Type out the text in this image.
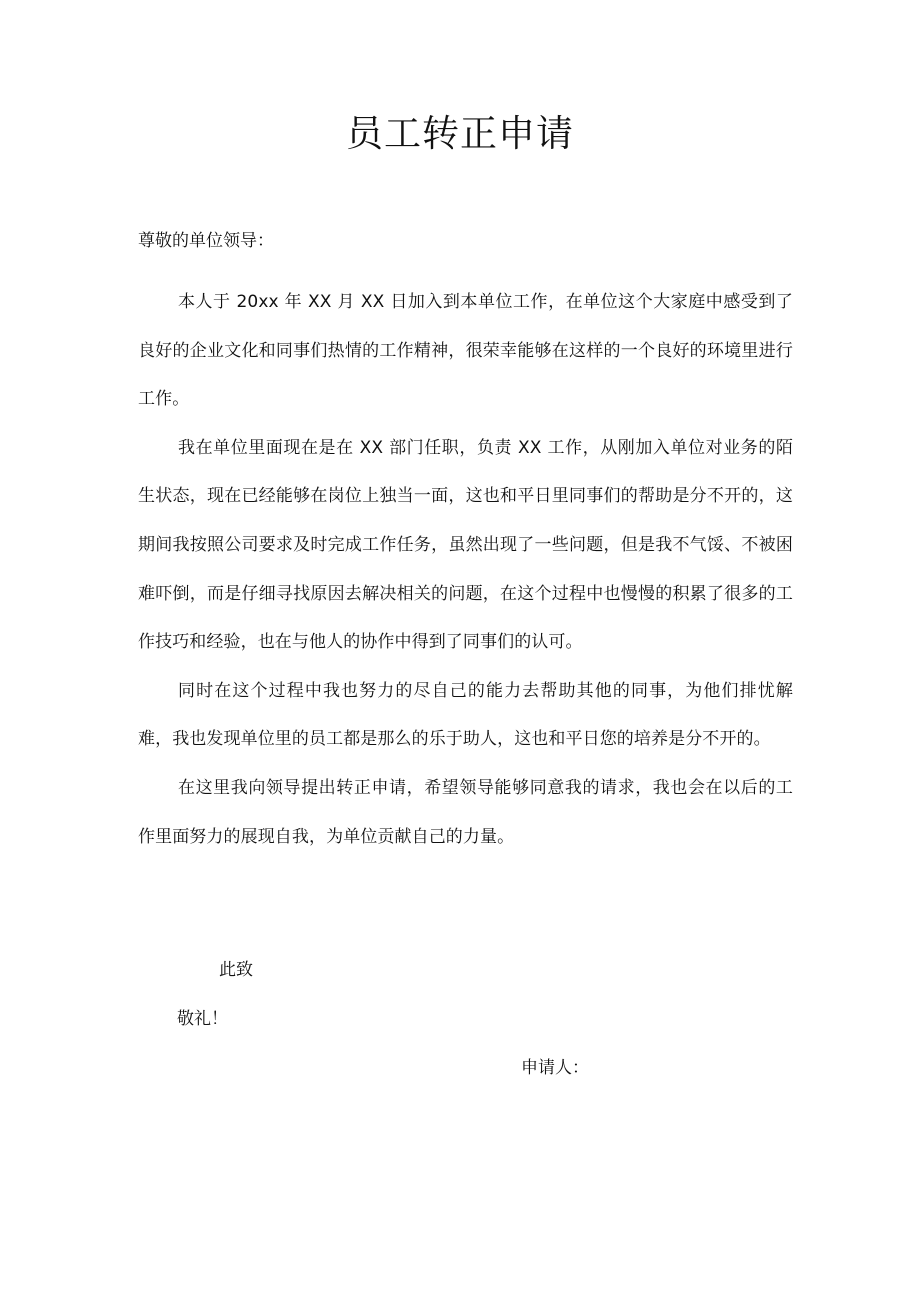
员工转正申请

尊敬的单位领导：

本人于 20xx 年 XX 月 XX 日加入到本单位工作，在单位这个大家庭中感受到了良好的企业文化和同事们热情的工作精神，很荣幸能够在这样的一个良好的环境里进行工作。

我在单位里面现在是在 XX 部门任职，负责 XX 工作，从刚加入单位对业务的陌生状态，现在已经能够在岗位上独当一面，这也和平日里同事们的帮助是分不开的，这期间我按照公司要求及时完成工作任务，虽然出现了一些问题，但是我不气馁、不被困难吓倒，而是仔细寻找原因去解决相关的问题，在这个过程中也慢慢的积累了很多的工作技巧和经验，也在与他人的协作中得到了同事们的认可。

同时在这个过程中我也努力的尽自己的能力去帮助其他的同事，为他们排忧解难，我也发现单位里的员工都是那么的乐于助人，这也和平日您的培养是分不开的。

在这里我向领导提出转正申请，希望领导能够同意我的请求，我也会在以后的工作里面努力的展现自我，为单位贡献自己的力量。

此致

敬礼！

申请人：
